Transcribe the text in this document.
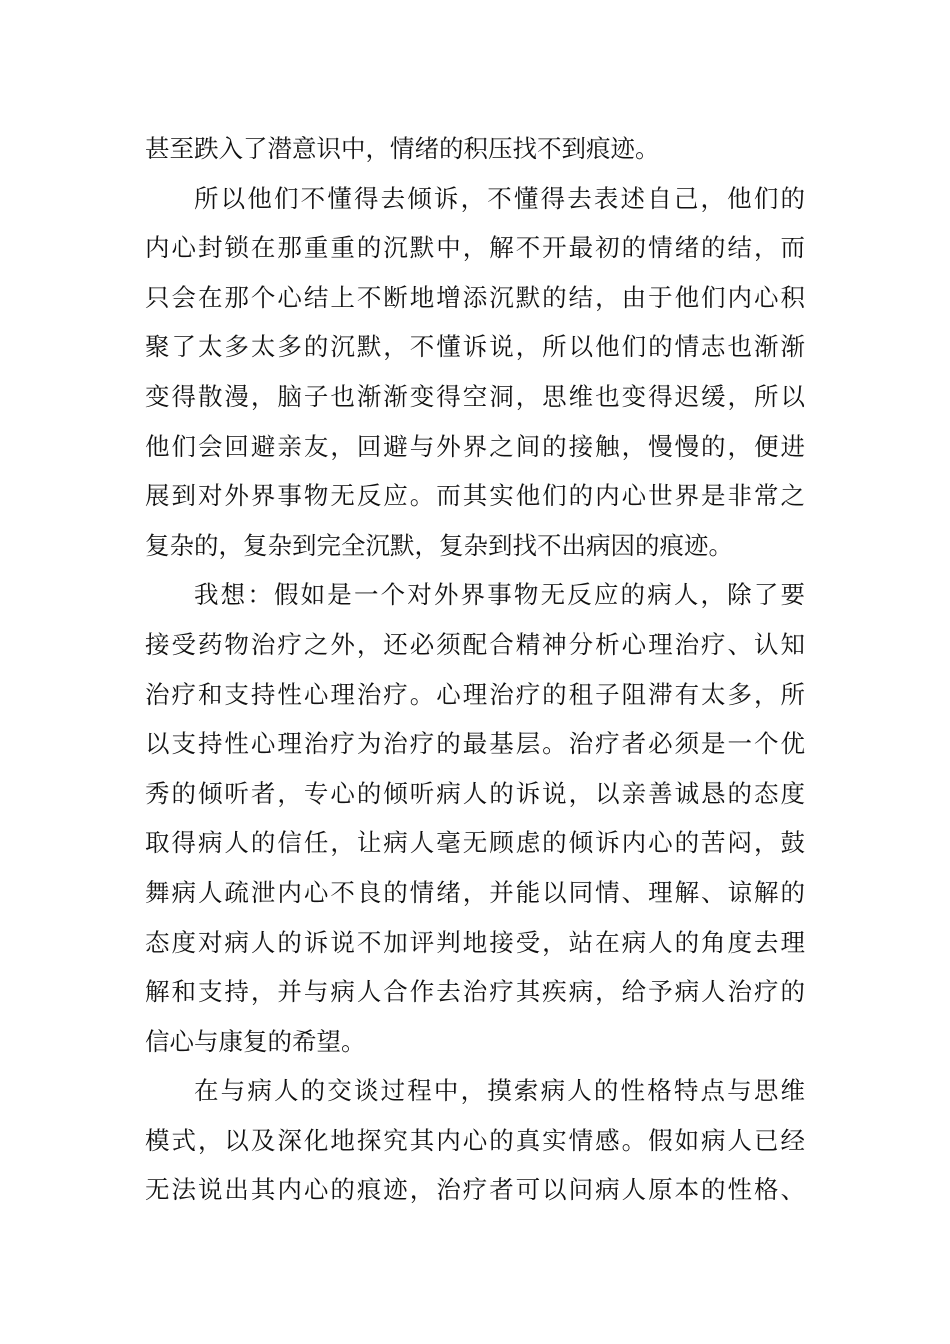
甚至跌入了潜意识中，情绪的积压找不到痕迹。
所以他们不懂得去倾诉，不懂得去表述自己，他们的
内心封锁在那重重的沉默中，解不开最初的情绪的结，而
只会在那个心结上不断地增添沉默的结，由于他们内心积
聚了太多太多的沉默，不懂诉说，所以他们的情志也渐渐
变得散漫，脑子也渐渐变得空洞，思维也变得迟缓，所以
他们会回避亲友，回避与外界之间的接触，慢慢的，便进
展到对外界事物无反应。而其实他们的内心世界是非常之
复杂的，复杂到完全沉默，复杂到找不出病因的痕迹。
我想：假如是一个对外界事物无反应的病人，除了要
接受药物治疗之外，还必须配合精神分析心理治疗、认知
治疗和支持性心理治疗。心理治疗的租子阻滞有太多，所
以支持性心理治疗为治疗的最基层。治疗者必须是一个优
秀的倾听者，专心的倾听病人的诉说，以亲善诚恳的态度
取得病人的信任，让病人毫无顾虑的倾诉内心的苦闷，鼓
舞病人疏泄内心不良的情绪，并能以同情、理解、谅解的
态度对病人的诉说不加评判地接受，站在病人的角度去理
解和支持，并与病人合作去治疗其疾病，给予病人治疗的
信心与康复的希望。
在与病人的交谈过程中，摸索病人的性格特点与思维
模式，以及深化地探究其内心的真实情感。假如病人已经
无法说出其内心的痕迹，治疗者可以问病人原本的性格、
